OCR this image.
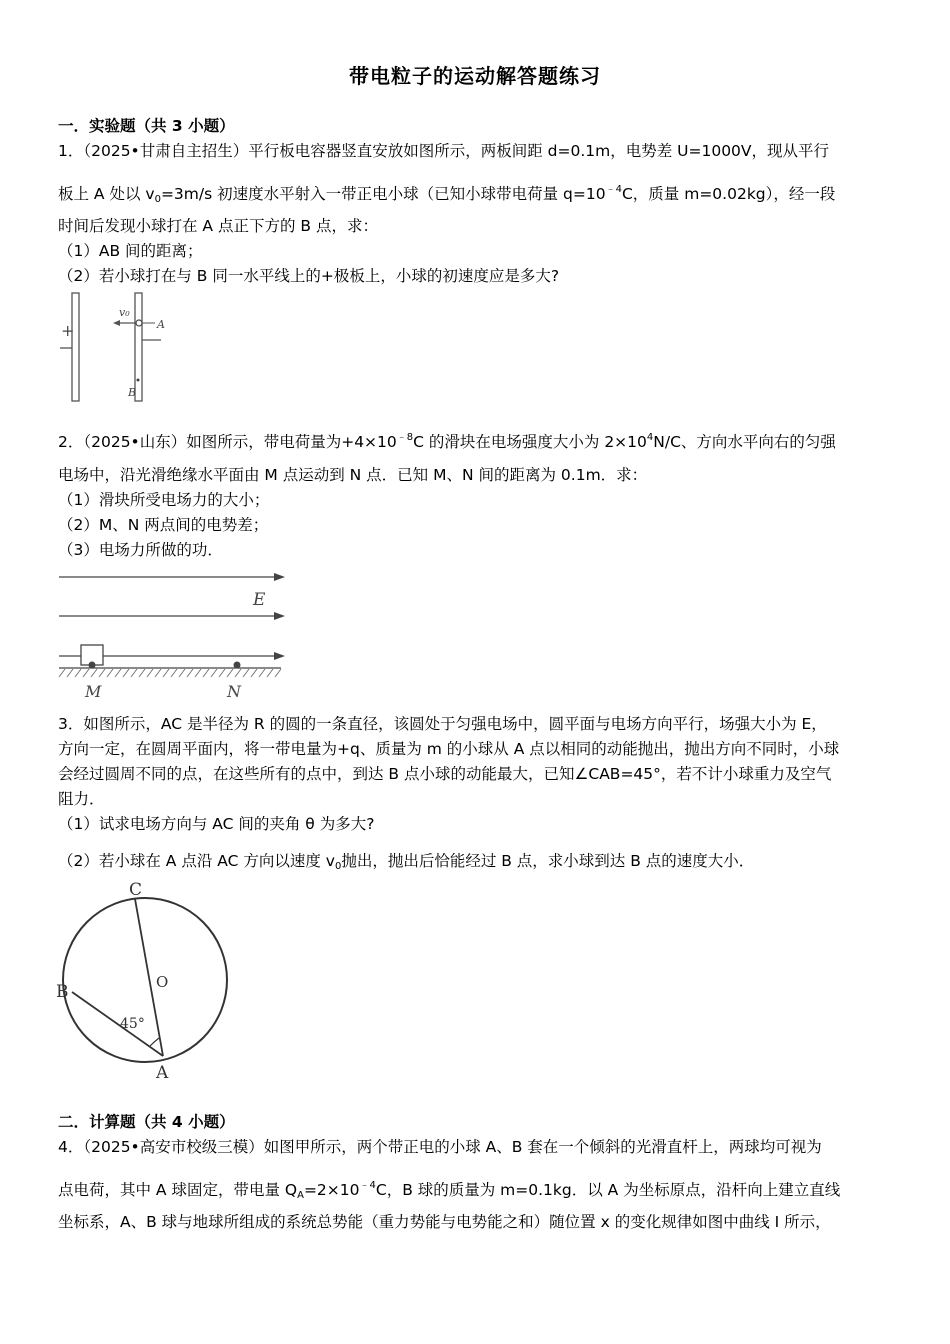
带电粒子的运动解答题练习
一．实验题（共 3 小题）
1．（2025•甘肃自主招生）平行板电容器竖直安放如图所示，两板间距 d=0.1m，电势差 U=1000V，现从平行
板上 A 处以 $v_0=3m/s$ 初速度水平射入一带正电小球（已知小球带电荷量 $q=10^{﹣4}C$，质量 m=0.02kg），经一段
时间后发现小球打在 A 点正下方的 B 点，求：
（1）AB 间的距离；
（2）若小球打在与 B 同一水平线上的+极板上，小球的初速度应是多大?
+
v₀
A
B
2．（2025•山东）如图所示，带电荷量为$+4\times 10^{﹣8}C$ 的滑块在电场强度大小为 $2\times 10^4N/C$、方向水平向右的匀强
电场中，沿光滑绝缘水平面由 M 点运动到 N 点．已知 M、N 间的距离为 0.1m．求：
（1）滑块所受电场力的大小；
（2）M、N 两点间的电势差；
（3）电场力所做的功．
E
M	N
3．如图所示，AC 是半径为 R 的圆的一条直径，该圆处于匀强电场中，圆平面与电场方向平行，场强大小为 E，
方向一定，在圆周平面内，将一带电量为+q、质量为 m 的小球从 A 点以相同的动能抛出，抛出方向不同时，小球
会经过圆周不同的点，在这些所有的点中，到达 B 点小球的动能最大，已知∠CAB=45°，若不计小球重力及空气
阻力．
（1）试求电场方向与 AC 间的夹角 θ 为多大?
（2）若小球在 A 点沿 AC 方向以速度 $v_0$抛出，抛出后恰能经过 B 点，求小球到达 B 点的速度大小．
C
O
B
A
45°
二．计算题（共 4 小题）
4．（2025•高安市校级三模）如图甲所示，两个带正电的小球 A、B 套在一个倾斜的光滑直杆上，两球均可视为
点电荷，其中 A 球固定，带电量 $Q_A=2\times 10^{﹣4}C$，B 球的质量为 m=0.1kg．以 A 为坐标原点，沿杆向上建立直线
坐标系，A、B 球与地球所组成的系统总势能（重力势能与电势能之和）随位置 x 的变化规律如图中曲线 I 所示，
